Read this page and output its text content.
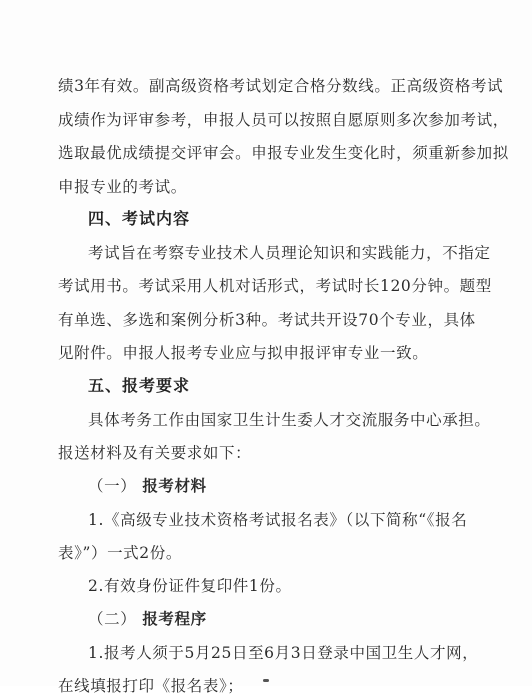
绩3年有效。副高级资格考试划定合格分数线。正高级资格考试
成绩作为评审参考，申报人员可以按照自愿原则多次参加考试，
选取最优成绩提交评审会。申报专业发生变化时，须重新参加拟
申报专业的考试。
四、考试内容
考试旨在考察专业技术人员理论知识和实践能力，不指定
考试用书。考试采用人机对话形式，考试时长120分钟。题型
有单选、多选和案例分析3种。考试共开设70个专业，具体
见附件。申报人报考专业应与拟申报评审专业一致。
五、报考要求
具体考务工作由国家卫生计生委人才交流服务中心承担。
报送材料及有关要求如下：
（一） 报考材料
1.《高级专业技术资格考试报名表》（以下简称“《报名
表》”）一式2份。
2.有效身份证件复印件1份。
（二） 报考程序
1.报考人须于5月25日至6月3日登录中国卫生人才网，
在线填报打印《报名表》；
